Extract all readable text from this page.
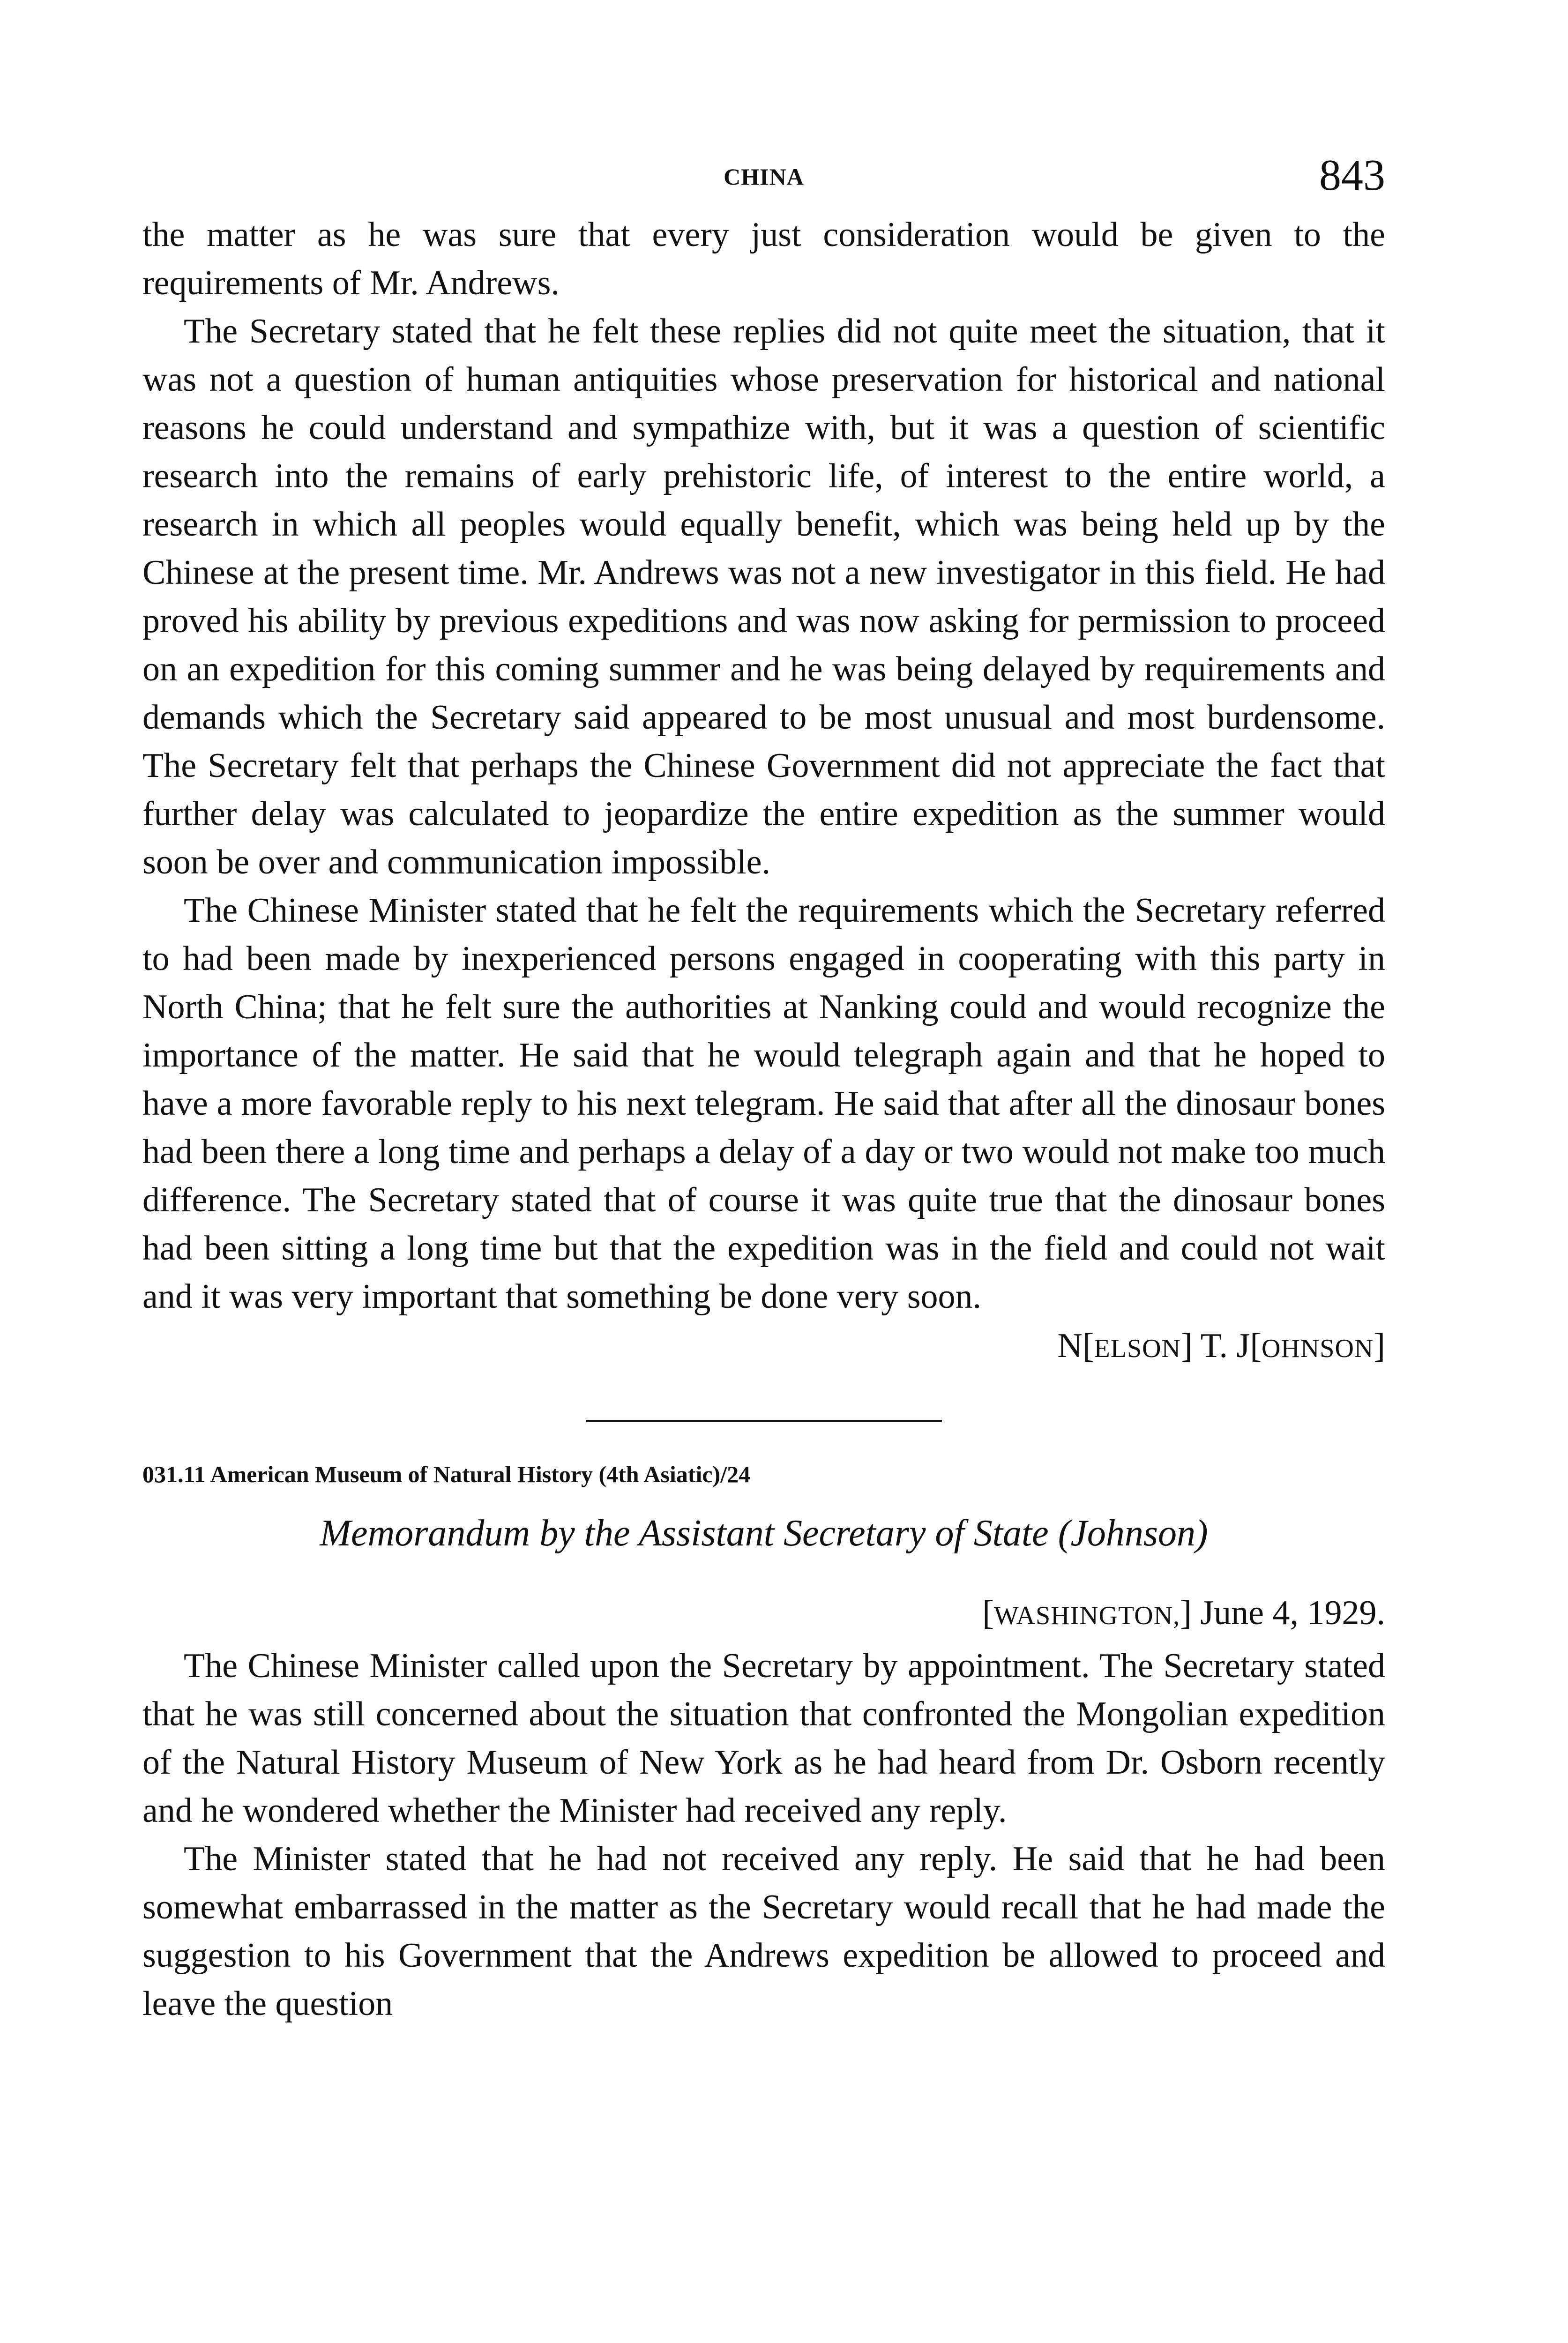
CHINA	843

the matter as he was sure that every just consideration would be given to the requirements of Mr. Andrews.

The Secretary stated that he felt these replies did not quite meet the situation, that it was not a question of human antiquities whose preservation for historical and national reasons he could understand and sympathize with, but it was a question of scientific research into the remains of early prehistoric life, of interest to the entire world, a research in which all peoples would equally benefit, which was being held up by the Chinese at the present time. Mr. Andrews was not a new investigator in this field. He had proved his ability by previous expeditions and was now asking for permission to proceed on an expedition for this coming summer and he was being delayed by requirements and demands which the Secretary said appeared to be most unusual and most burdensome. The Secretary felt that perhaps the Chinese Government did not appreciate the fact that further delay was calculated to jeopardize the entire expedition as the summer would soon be over and communication impossible.

The Chinese Minister stated that he felt the requirements which the Secretary referred to had been made by inexperienced persons engaged in cooperating with this party in North China; that he felt sure the authorities at Nanking could and would recognize the importance of the matter. He said that he would telegraph again and that he hoped to have a more favorable reply to his next telegram. He said that after all the dinosaur bones had been there a long time and perhaps a delay of a day or two would not make too much difference. The Secretary stated that of course it was quite true that the dinosaur bones had been sitting a long time but that the expedition was in the field and could not wait and it was very important that something be done very soon.

N[ELSON] T. J[OHNSON]

031.11 American Museum of Natural History (4th Asiatic)/24

Memorandum by the Assistant Secretary of State (Johnson)

[WASHINGTON,] June 4, 1929.

The Chinese Minister called upon the Secretary by appointment. The Secretary stated that he was still concerned about the situation that confronted the Mongolian expedition of the Natural History Museum of New York as he had heard from Dr. Osborn recently and he wondered whether the Minister had received any reply.

The Minister stated that he had not received any reply. He said that he had been somewhat embarrassed in the matter as the Secretary would recall that he had made the suggestion to his Government that the Andrews expedition be allowed to proceed and leave the question
